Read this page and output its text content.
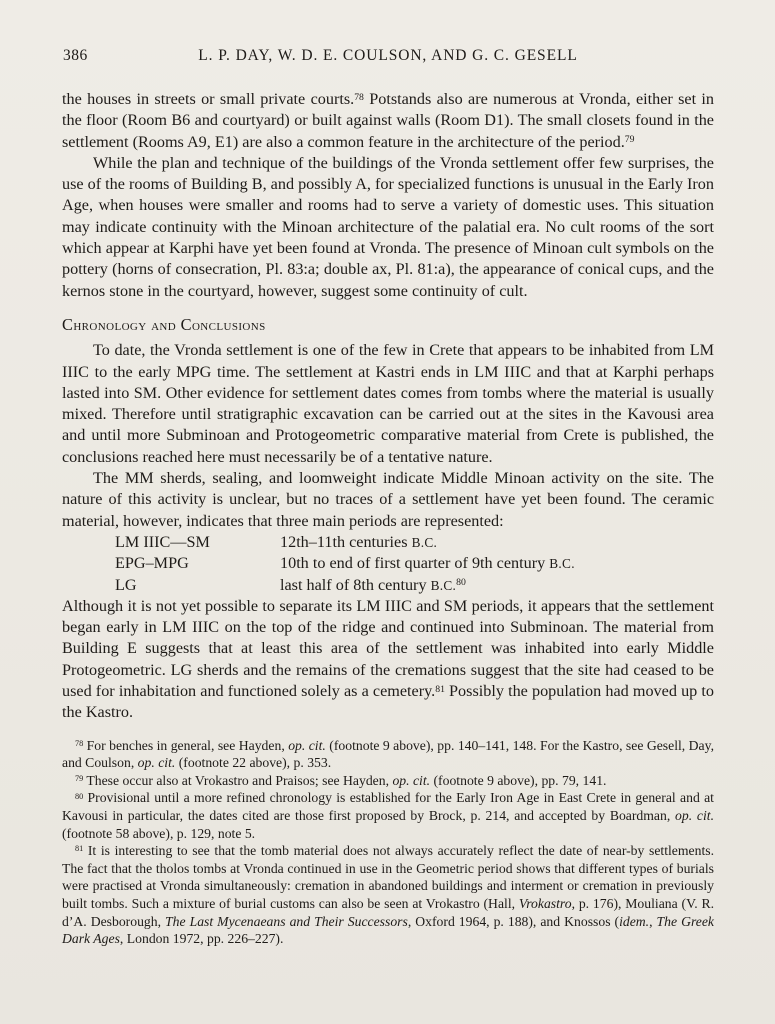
386	L. P. DAY, W. D. E. COULSON, AND G. C. GESELL

the houses in streets or small private courts.$^{78}$ Potstands also are numerous at Vronda, either set in the floor (Room B6 and courtyard) or built against walls (Room D1). The small closets found in the settlement (Rooms A9, E1) are also a common feature in the architecture of the period.$^{79}$

While the plan and technique of the buildings of the Vronda settlement offer few surprises, the use of the rooms of Building B, and possibly A, for specialized functions is unusual in the Early Iron Age, when houses were smaller and rooms had to serve a variety of domestic uses. This situation may indicate continuity with the Minoan architecture of the palatial era. No cult rooms of the sort which appear at Karphi have yet been found at Vronda. The presence of Minoan cult symbols on the pottery (horns of consecration, Pl. 83:a; double ax, Pl. 81:a), the appearance of conical cups, and the kernos stone in the courtyard, however, suggest some continuity of cult.

Chronology and Conclusions

To date, the Vronda settlement is one of the few in Crete that appears to be inhabited from LM IIIC to the early MPG time. The settlement at Kastri ends in LM IIIC and that at Karphi perhaps lasted into SM. Other evidence for settlement dates comes from tombs where the material is usually mixed. Therefore until stratigraphic excavation can be carried out at the sites in the Kavousi area and until more Subminoan and Protogeometric comparative material from Crete is published, the conclusions reached here must necessarily be of a tentative nature.

The MM sherds, sealing, and loomweight indicate Middle Minoan activity on the site. The nature of this activity is unclear, but no traces of a settlement have yet been found. The ceramic material, however, indicates that three main periods are represented:

LM IIIC—SM	12th–11th centuries B.C.
EPG–MPG	10th to end of first quarter of 9th century B.C.
LG	last half of 8th century B.C.$^{80}$

Although it is not yet possible to separate its LM IIIC and SM periods, it appears that the settlement began early in LM IIIC on the top of the ridge and continued into Subminoan. The material from Building E suggests that at least this area of the settlement was inhabited into early Middle Protogeometric. LG sherds and the remains of the cremations suggest that the site had ceased to be used for inhabitation and functioned solely as a cemetery.$^{81}$ Possibly the population had moved up to the Kastro.

$^{78}$ For benches in general, see Hayden, op. cit. (footnote 9 above), pp. 140–141, 148. For the Kastro, see Gesell, Day, and Coulson, op. cit. (footnote 22 above), p. 353.

$^{79}$ These occur also at Vrokastro and Praisos; see Hayden, op. cit. (footnote 9 above), pp. 79, 141.

$^{80}$ Provisional until a more refined chronology is established for the Early Iron Age in East Crete in general and at Kavousi in particular, the dates cited are those first proposed by Brock, p. 214, and accepted by Boardman, op. cit. (footnote 58 above), p. 129, note 5.

$^{81}$ It is interesting to see that the tomb material does not always accurately reflect the date of near-by settlements. The fact that the tholos tombs at Vronda continued in use in the Geometric period shows that different types of burials were practised at Vronda simultaneously: cremation in abandoned buildings and interment or cremation in previously built tombs. Such a mixture of burial customs can also be seen at Vrokastro (Hall, Vrokastro, p. 176), Mouliana (V. R. d’A. Desborough, The Last Mycenaeans and Their Successors, Oxford 1964, p. 188), and Knossos (idem., The Greek Dark Ages, London 1972, pp. 226–227).
